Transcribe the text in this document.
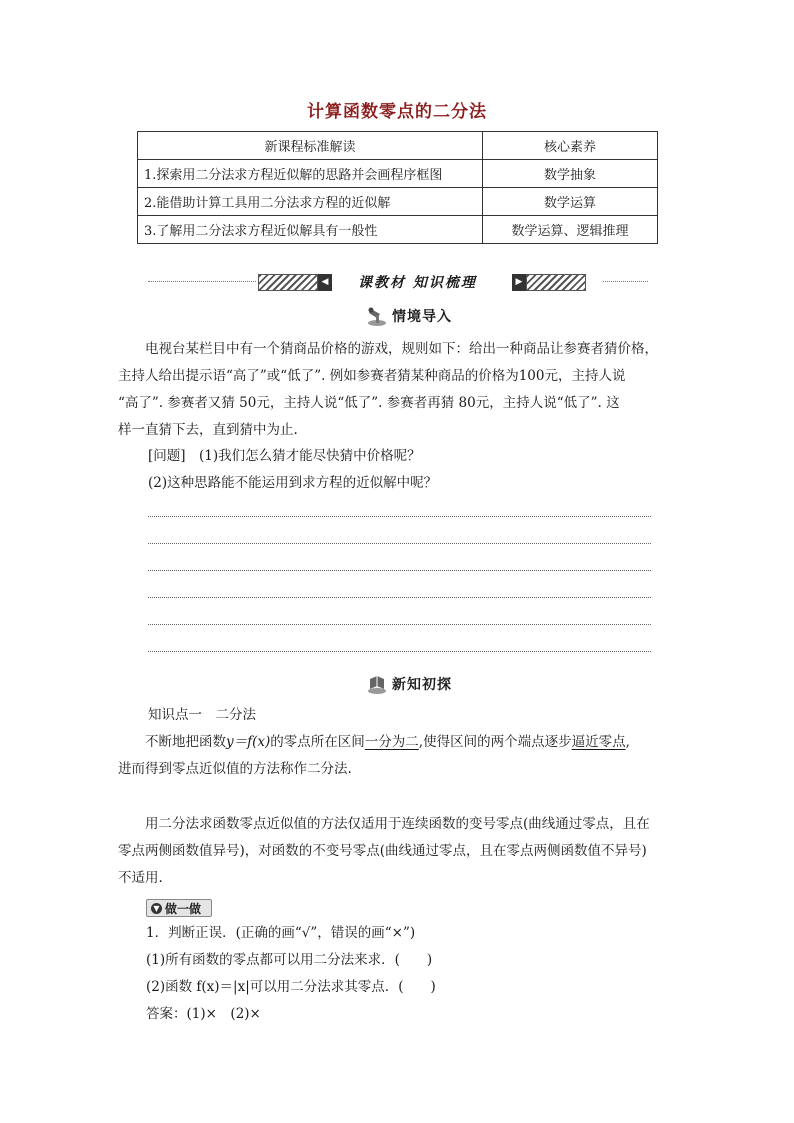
计算函数零点的二分法
新课程标准解读	核心素养
1.探索用二分法求方程近似解的思路并会画程序框图	数学抽象
2.能借助计算工具用二分法求方程的近似解	数学运算
3.了解用二分法求方程近似解具有一般性	数学运算、逻辑推理
◀ 课教材 知识梳理	▶
情境导入
电视台某栏目中有一个猜商品价格的游戏，规则如下：给出一种商品让参赛者猜价格，
主持人给出提示语“高了”或“低了”. 例如参赛者猜某种商品的价格为100元，主持人说
“高了”. 参赛者又猜 50元，主持人说“低了”. 参赛者再猜 80元，主持人说“低了”. 这
样一直猜下去，直到猜中为止.
[问题]　(1)我们怎么猜才能尽快猜中价格呢？
(2)这种思路能不能运用到求方程的近似解中呢？
新知初探
知识点一　二分法
不断地把函数y＝f(x)的零点所在区间一分为二,使得区间的两个端点逐步逼近零点,
进而得到零点近似值的方法称作二分法.
用二分法求函数零点近似值的方法仅适用于连续函数的变号零点(曲线通过零点，且在
零点两侧函数值异号)，对函数的不变号零点(曲线通过零点，且在零点两侧函数值不异号)
不适用.
▼ 做一做
1．判断正误．(正确的画“√”，错误的画“×”)
(1)所有函数的零点都可以用二分法来求．(　　)
(2)函数 f(x)＝|x|可以用二分法求其零点．(　　)
答案：(1)×　(2)×
